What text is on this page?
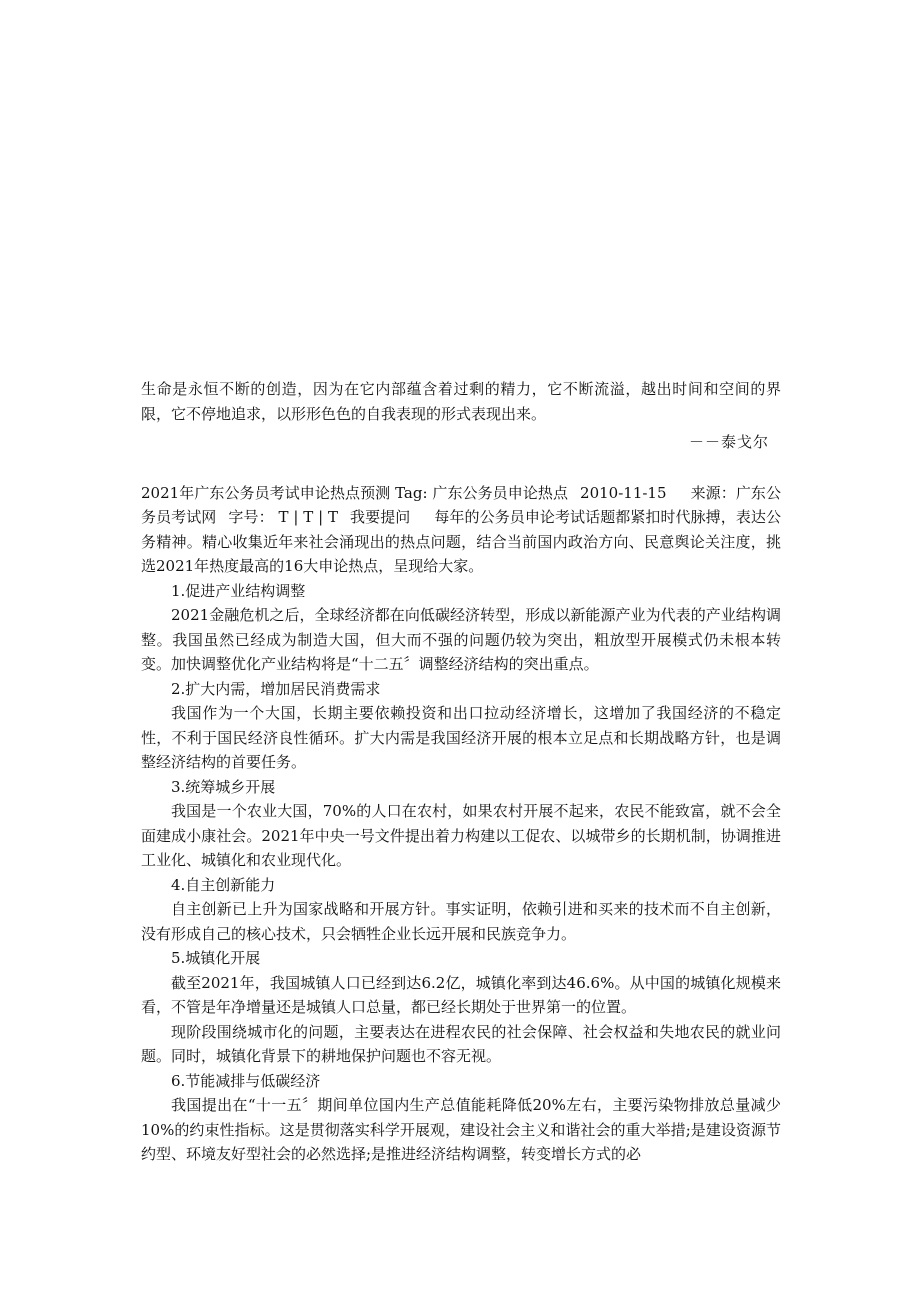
生命是永恒不断的创造，因为在它内部蕴含着过剩的精力，它不断流溢，越出时间和空间的界限，它不停地追求，以形形色色的自我表现的形式表现出来。

－－泰戈尔

2021年广东公务员考试申论热点预测 Tag: 广东公务员申论热点 2010-11-15 来源：广东公务员考试网 字号： T | T | T 我要提问 每年的公务员申论考试话题都紧扣时代脉搏，表达公务精神。精心收集近年来社会涌现出的热点问题，结合当前国内政治方向、民意舆论关注度，挑选2021年热度最高的16大申论热点，呈现给大家。

1.促进产业结构调整

2021金融危机之后，全球经济都在向低碳经济转型，形成以新能源产业为代表的产业结构调整。我国虽然已经成为制造大国，但大而不强的问题仍较为突出，粗放型开展模式仍未根本转变。加快调整优化产业结构将是“十二五〞调整经济结构的突出重点。

2.扩大内需，增加居民消费需求

我国作为一个大国，长期主要依赖投资和出口拉动经济增长，这增加了我国经济的不稳定性，不利于国民经济良性循环。扩大内需是我国经济开展的根本立足点和长期战略方针，也是调整经济结构的首要任务。

3.统筹城乡开展

我国是一个农业大国，70%的人口在农村，如果农村开展不起来，农民不能致富，就不会全面建成小康社会。2021年中央一号文件提出着力构建以工促农、以城带乡的长期机制，协调推进工业化、城镇化和农业现代化。

4.自主创新能力

自主创新已上升为国家战略和开展方针。事实证明，依赖引进和买来的技术而不自主创新，没有形成自己的核心技术，只会牺牲企业长远开展和民族竞争力。

5.城镇化开展

截至2021年，我国城镇人口已经到达6.2亿，城镇化率到达46.6%。从中国的城镇化规模来看，不管是年净增量还是城镇人口总量，都已经长期处于世界第一的位置。

现阶段围绕城市化的问题，主要表达在进程农民的社会保障、社会权益和失地农民的就业问题。同时，城镇化背景下的耕地保护问题也不容无视。

6.节能减排与低碳经济

我国提出在“十一五〞期间单位国内生产总值能耗降低20%左右，主要污染物排放总量减少10%的约束性指标。这是贯彻落实科学开展观，建设社会主义和谐社会的重大举措;是建设资源节约型、环境友好型社会的必然选择;是推进经济结构调整，转变增长方式的必
